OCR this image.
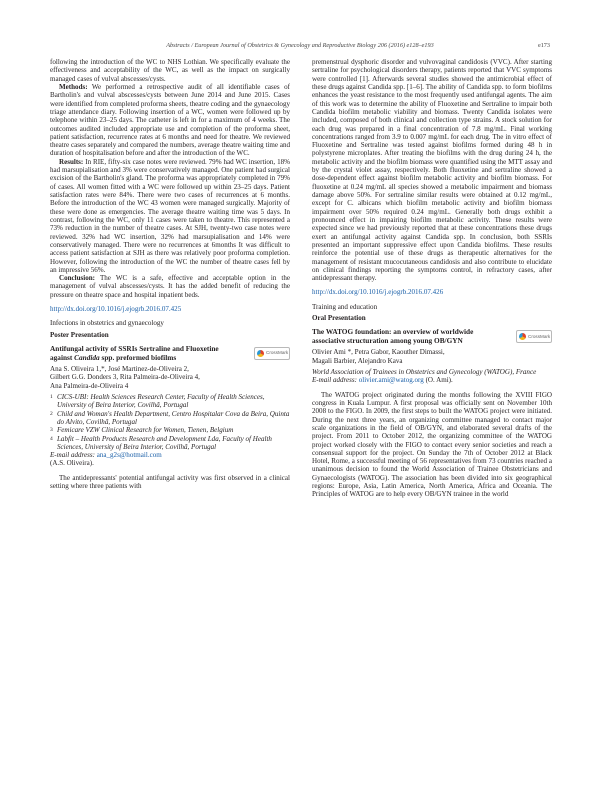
Abstracts / European Journal of Obstetrics & Gynecology and Reproductive Biology 206 (2016) e128–e193	e173

following the introduction of the WC to NHS Lothian. We specifically evaluate the effectiveness and acceptability of the WC, as well as the impact on surgically managed cases of vulval abscesses/cysts.

Methods: We performed a retrospective audit of all identifiable cases of Bartholin's and vulval abscesses/cysts between June 2014 and June 2015. Cases were identified from completed proforma sheets, theatre coding and the gynaecology triage attendance diary. Following insertion of a WC, women were followed up by telephone within 23–25 days. The catheter is left in for a maximum of 4 weeks. The outcomes audited included appropriate use and completion of the proforma sheet, patient satisfaction, recurrence rates at 6 months and need for theatre. We reviewed theatre cases separately and compared the numbers, average theatre waiting time and duration of hospitalisation before and after the introduction of the WC.

Results: In RIE, fifty-six case notes were reviewed. 79% had WC insertion, 18% had marsupialisation and 3% were conservatively managed. One patient had surgical excision of the Bartholin's gland. The proforma was appropriately completed in 79% of cases. All women fitted with a WC were followed up within 23–25 days. Patient satisfaction rates were 84%. There were two cases of recurrences at 6 months. Before the introduction of the WC 43 women were managed surgically. Majority of these were done as emergencies. The average theatre waiting time was 5 days. In contrast, following the WC, only 11 cases were taken to theatre. This represented a 73% reduction in the number of theatre cases. At SJH, twenty-two case notes were reviewed. 32% had WC insertion, 32% had marsupialisation and 14% were conservatively managed. There were no recurrences at 6months It was difficult to access patient satisfaction at SJH as there was relatively poor proforma completion. However, following the introduction of the WC the number of theatre cases fell by an impressive 56%.

Conclusion: The WC is a safe, effective and acceptable option in the management of vulval abscesses/cysts. It has the added benefit of reducing the pressure on theatre space and hospital inpatient beds.

http://dx.doi.org/10.1016/j.ejogrb.2016.07.425

Infections in obstetrics and gynaecology

Poster Presentation

Antifungal activity of SSRIs Sertraline and Fluoxetine against Candida spp. preformed biofilms	CrossMark

Ana S. Oliveira 1,*, José Martinez-de-Oliveira 2,

Gilbert G.G. Donders 3, Rita Palmeira-de-Oliveira 4,

Ana Palmeira-de-Oliveira 4

1 CICS-UBI: Health Sciences Research Center, Faculty of Health Sciences, University of Beira Interior, Covilhã, Portugal
2 Child and Woman's Health Department, Centro Hospitalar Cova da Beira, Quinta do Alvito, Covilhã, Portugal
3 Femicare VZW Clinical Research for Women, Tienen, Belgium
4 Labfit – Health Products Research and Development Lda, Faculty of Health Sciences, University of Beira Interior, Covilhã, Portugal

E-mail address: ana_g2s@hotmail.com
(A.S. Oliveira).

The antidepressants' potential antifungal activity was first observed in a clinical setting where three patients with

premenstrual dysphoric disorder and vulvovaginal candidosis (VVC). After starting sertraline for psychological disorders therapy, patients reported that VVC symptoms were controlled [1]. Afterwards several studies showed the antimicrobial effect of these drugs against Candida spp. [1–6]. The ability of Candida spp. to form biofilms enhances the yeast resistance to the most frequently used antifungal agents. The aim of this work was to determine the ability of Fluoxetine and Sertraline to impair both Candida biofilm metabolic viability and biomass. Twenty Candida isolates were included, composed of both clinical and collection type strains. A stock solution for each drug was prepared in a final concentration of 7.8 mg/mL. Final working concentrations ranged from 3.9 to 0.007 mg/mL for each drug. The in vitro effect of Fluoxetine and Sertraline was tested against biofilms formed during 48 h in polystyrene microplates. After treating the biofilms with the drug during 24 h, the metabolic activity and the biofilm biomass were quantified using the MTT assay and by the crystal violet assay, respectively. Both fluoxetine and sertraline showed a dose-dependent effect against biofilm metabolic activity and biofilm biomass. For fluoxetine at 0.24 mg/mL all species showed a metabolic impairment and biomass damage above 50%. For sertraline similar results were obtained at 0.12 mg/mL, except for C. albicans which biofilm metabolic activity and biofilm biomass impairment over 50% required 0.24 mg/mL. Generally both drugs exhibit a pronounced effect in impairing biofilm metabolic activity. These results were expected since we had previously reported that at these concentrations these drugs exert an antifungal activity against Candida spp. In conclusion, both SSRIs presented an important suppressive effect upon Candida biofilms. These results reinforce the potential use of these drugs as therapeutic alternatives for the management of resistant mucocutaneous candidosis and also contribute to elucidate on clinical findings reporting the symptoms control, in refractory cases, after antidepressant therapy.

http://dx.doi.org/10.1016/j.ejogrb.2016.07.426

Training and education

Oral Presentation

The WATOG foundation: an overview of worldwide associative structuration among young OB/GYN	CrossMark

Olivier Ami *, Petra Gabor, Kaouther Dimassi,

Magali Barbier, Alejandro Kava

World Association of Trainees in Obstetrics and Gynecology (WATOG), France

E-mail address: olivier.ami@watog.org (O. Ami).

The WATOG project originated during the months following the XVIII FIGO congress in Kuala Lumpur. A first proposal was officially sent on November 10th 2008 to the FIGO. In 2009, the first steps to built the WATOG project were initiated. During the next three years, an organizing committee managed to contact major scale organizations in the field of OB/GYN, and elaborated several drafts of the project. From 2011 to October 2012, the organizing committee of the WATOG project worked closely with the FIGO to contact every senior societies and reach a consensual support for the project. On Sunday the 7th of October 2012 at Black Hotel, Rome, a successful meeting of 56 representatives from 73 countries reached a unanimous decision to found the World Association of Trainee Obstetricians and Gynaecologists (WATOG). The association has been divided into six geographical regions: Europe, Asia, Latin America, North America, Africa and Oceania. The Principles of WATOG are to help every OB/GYN trainee in the world
